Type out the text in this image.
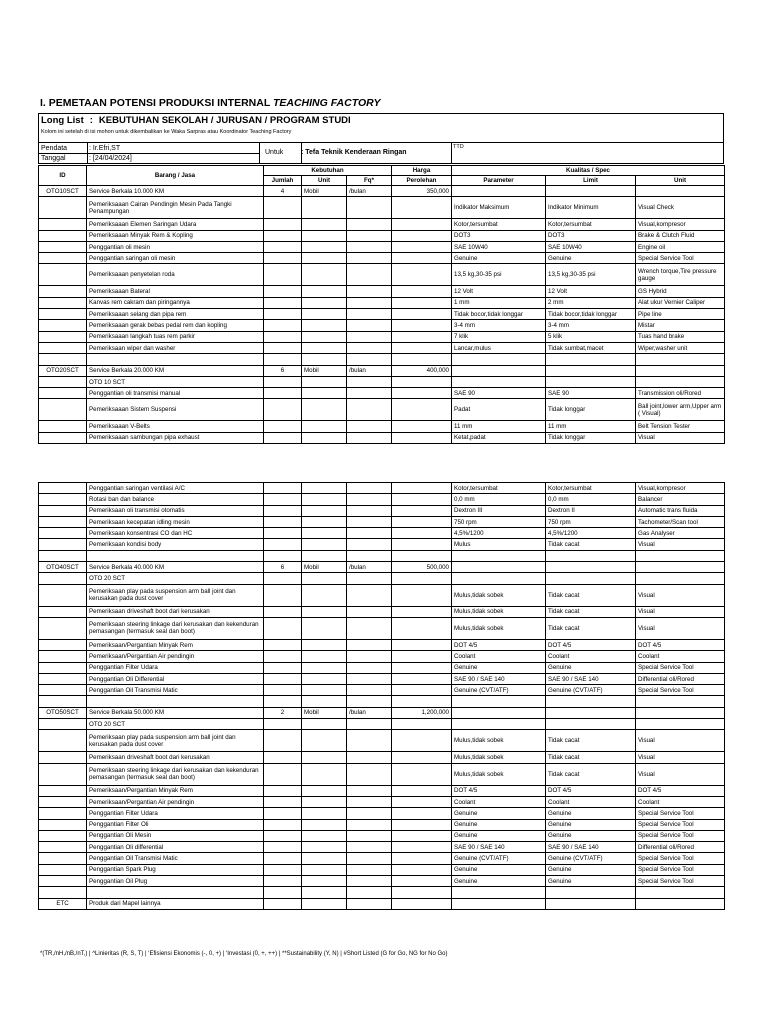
I. PEMETAAN POTENSI PRODUKSI INTERNAL TEACHING FACTORY
Long List : KEBUTUHAN SEKOLAH / JURUSAN / PROGRAM STUDI
Kolom ini setelah di isi mohon untuk dikembalikan ke Waka Sarpras atau Koordinator Teaching Factory
Pendata	: Ir.Efri,ST
Tanggal	: [24/04/2024]
Untuk	: Tefa Teknik Kenderaan Ringan
TTD
ID	Barang / Jasa	Kebutuhan			Harga	Kualitas / Spec		
		Jumlah	Unit	Fq*	Perolehan	Parameter	Limit	Unit
OTO10SCT	Service Berkala 10.000 KM	4	Mobil	/bulan	350,000			
	Pemeriksaaan Cairan Pendingin Mesin Pada Tangki Penampungan					Indikator Maksimum	Indikator Minimum	Visual Check
	Pemeriksaaan Elemen Saringan Udara					Kotor,tersumbat	Kotor,tersumbat	Visual,kompresor
	Pemeriksaaan Minyak Rem & Kopling					DOT3	DOT3	Brake & Clutch Fluid
	Penggantian oli mesin					SAE 10W40	SAE 10W40	Engine oil
	Penggantian saringan oli mesin					Genuine	Genuine	Special Service Tool
	Pemeriksaaan penyetelan roda					13,5 kg,30-35 psi	13,5 kg,30-35 psi	Wrench torque,Tire pressure gauge
	Pemeriksaaan Bateral					12 Volt	12 Volt	GS Hybrid
	Kanvas rem cakram dan piringannya					1 mm	2 mm	Alat ukur Vernier Caliper
	Pemeriksaaan selang dan pipa rem					Tidak bocor,tidak longgar	Tidak bocor,tidak longgar	Pipe line
	Pemeriksaaan gerak bebas pedal rem dan kopling					3-4 mm	3-4 mm	Mistar
	Pemeriksaaan langkah tuas rem parkir					7 klik	5 klik	Tuas hand brake
	Pemeriksaan wiper dan washer					Lancar,mulus	Tidak sumbat,macet	Wiper,washer unit

OTO20SCT	Service Berkala 20.000 KM	6	Mobil	/bulan	400,000			
	OTO 10 SCT							
	Penggantian oli transmisi manual					SAE 90	SAE 90	Transmission oli/Rored
	Pemeriksaaan Sistem Suspensi					Padat	Tidak longgar	Ball joint,lower arm,Upper arm ( Visual)
	Pemeriksaaan V-Belts					11 mm	11 mm	Belt Tension Tester
	Pemeriksaaan sambungan pipa exhaust					Ketat,padat	Tidak longgar	Visual
	Penggantian saringan ventilasi A/C					Kotor,tersumbat	Kotor,tersumbat	Visual,kompresor
	Rotasi ban dan balance					0,0 mm	0,0 mm	Balancer
	Pemeriksaan oli transmisi otomatis					Dextron III	Dextron II	Automatic trans fluida
	Pemeriksaan kecepatan idling mesin					750 rpm	750 rpm	Tachometer/Scan tool
	Pemeriksaan konsentrasi CO dan HC					4,5%/1200	4,5%/1200	Gas Analyser
	Pemeriksaan kondisi body					Mulus	Tidak cacat	Visual

OTO40SCT	Service Berkala 40.000 KM	6	Mobil	/bulan	500,000			
	OTO 20 SCT							
	Pemeriksaan play pada suspension arm ball joint dan kerusakan pada dust cover					Mulus,tidak sobek	Tidak cacat	Visual
	Pemeriksaan driveshaft boot dari kerusakan					Mulus,tidak sobek	Tidak cacat	Visual
	Pemeriksaan steering linkage dari kerusakan dan kekenduran pemasangan (termasuk seal dan boot)					Mulus,tidak sobek	Tidak cacat	Visual
	Pemeriksaan/Pergantian Minyak Rem					DOT 4/5	DOT 4/5	DOT 4/5
	Pemeriksaan/Pergantian Air pendingin					Coolant	Coolant	Coolant
	Penggantian Filter Udara					Genuine	Genuine	Special Service Tool
	Penggantian Oli Differential					SAE 90 / SAE 140	SAE 90 / SAE 140	Differential oli/Rored
	Penggantian Oil Transmisi Matic					Genuine (CVT/ATF)	Genuine (CVT/ATF)	Special Service Tool

OTO50SCT	Service Berkala 50.000 KM	2	Mobil	/bulan	1,200,000			
	OTO 20 SCT							
	Pemeriksaan play pada suspension arm ball joint dan kerusakan pada dust cover					Mulus,tidak sobek	Tidak cacat	Visual
	Pemeriksaan driveshaft boot dari kerusakan					Mulus,tidak sobek	Tidak cacat	Visual
	Pemeriksaan steering linkage dari kerusakan dan kekenduran pemasangan (termasuk seal dan boot)					Mulus,tidak sobek	Tidak cacat	Visual
	Pemeriksaan/Pergantian Minyak Rem					DOT 4/5	DOT 4/5	DOT 4/5
	Pemeriksaan/Pergantian Air pendingin					Coolant	Coolant	Coolant
	Penggantian Filter Udara					Genuine	Genuine	Special Service Tool
	Penggantian Filter Oli					Genuine	Genuine	Special Service Tool
	Penggantian Oli Mesin					Genuine	Genuine	Special Service Tool
	Penggantian Oli differential					SAE 90 / SAE 140	SAE 90 / SAE 140	Differential oli/Rored
	Penggantian Oil Transmisi Matic					Genuine (CVT/ATF)	Genuine (CVT/ATF)	Special Service Tool
	Penggantian Spark Plug					Genuine	Genuine	Special Service Tool
	Penggantian Oil Plug					Genuine	Genuine	Special Service Tool

ETC	Produk dari Mapel lainnya							
*(TR,/nH,/nB,/nT,) | ^Linieritas (R, S, T) | ‘Efisiensi Ekonomis (-, 0, +) | ‘Investasi (0, +, ++) | **Sustainability (Y, N) | #Short Listed (G for Go, NG for No Go)
